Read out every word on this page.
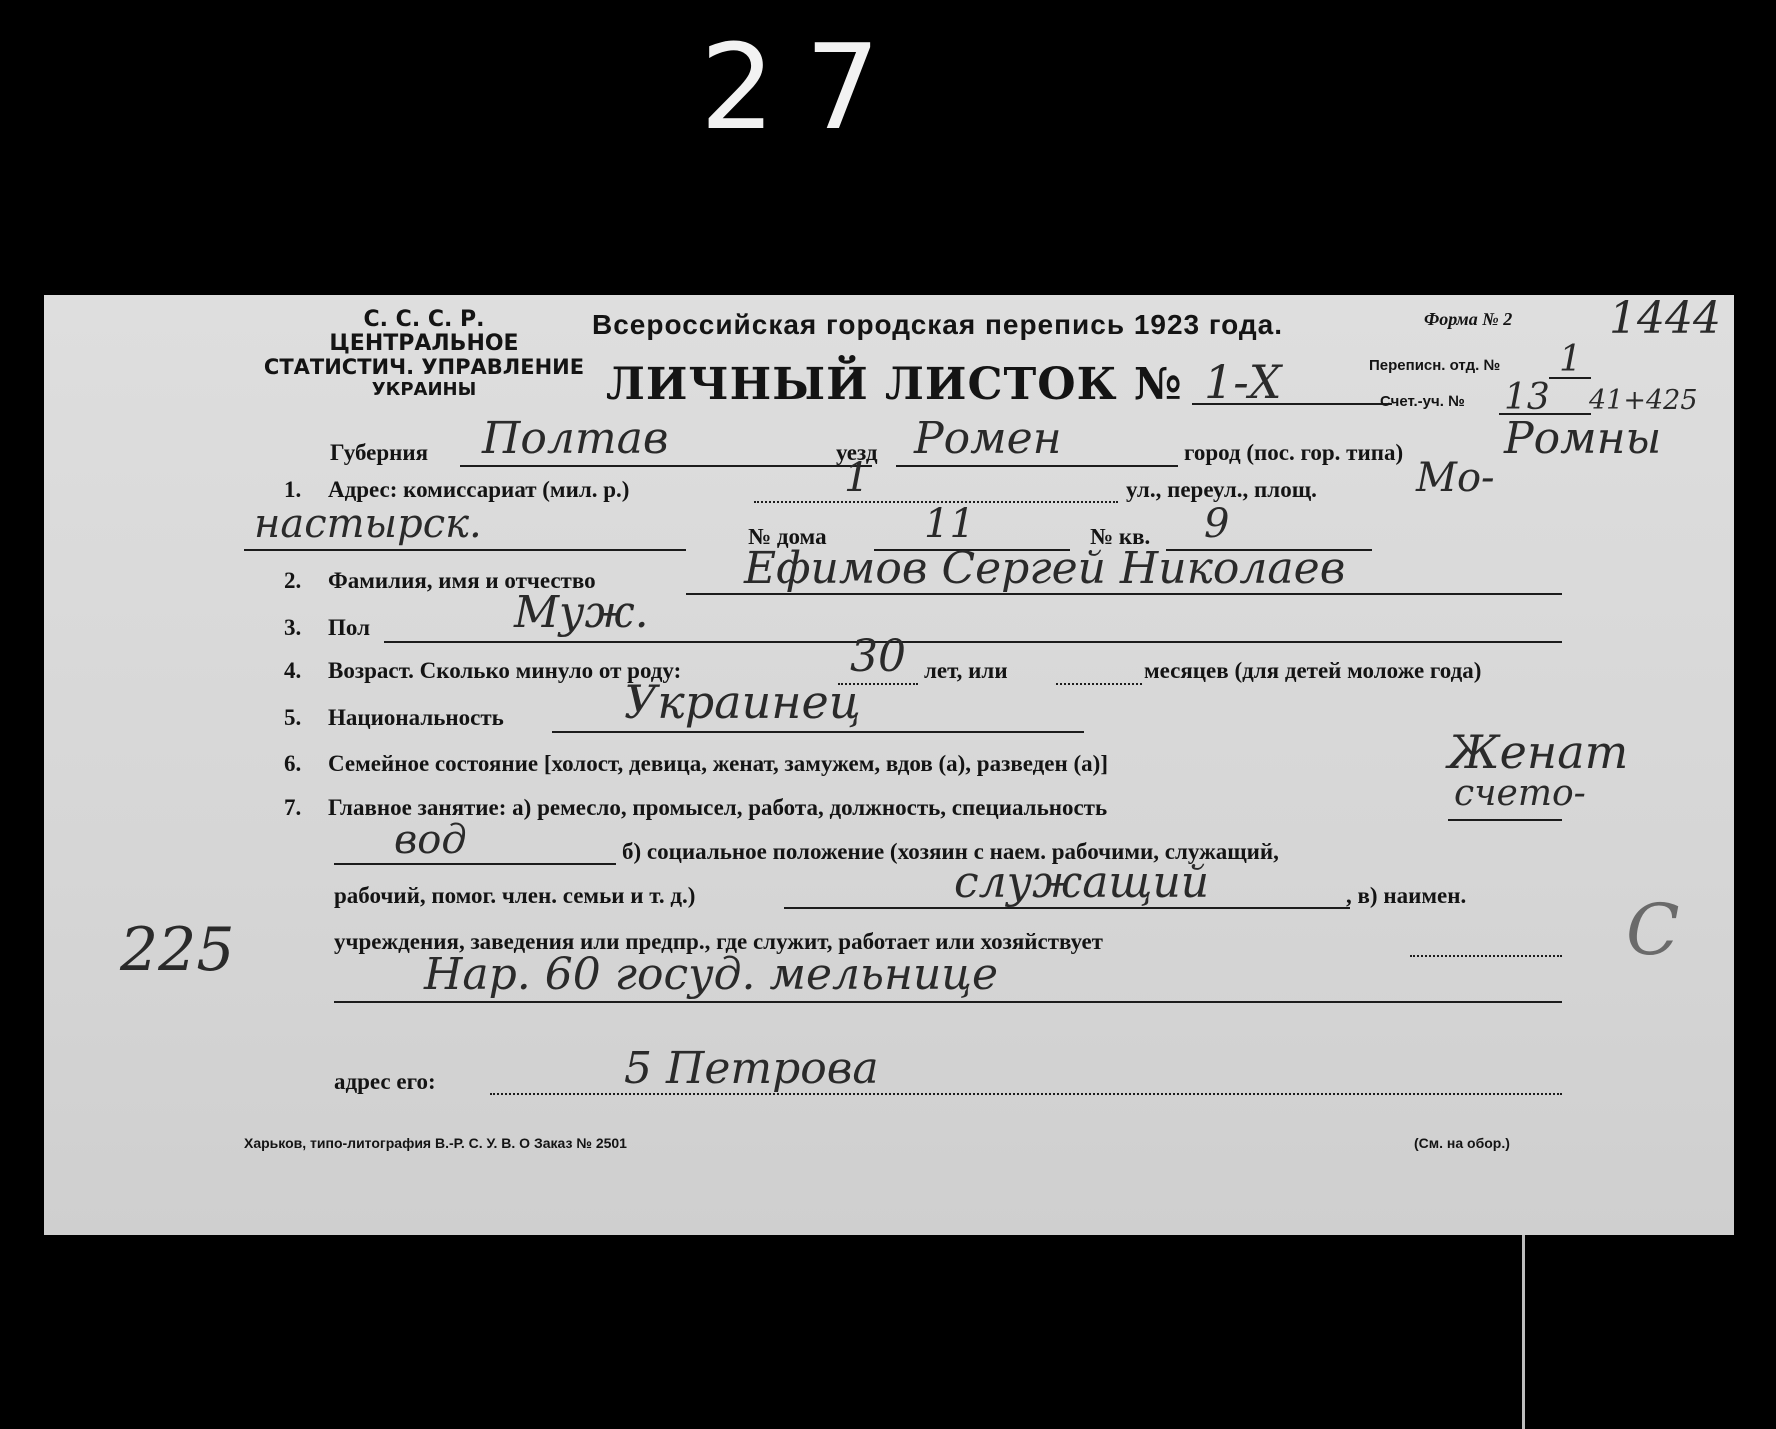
27
С. С. С. Р.
ЦЕНТРАЛЬНОЕ
СТАТИСТИЧ. УПРАВЛЕНИЕ
УКРАИНЫ
Всероссийская городская перепись 1923 года.	Форма № 2 1444
ЛИЧНЫЙ ЛИСТОК № 1-Х	Переписн. отд. № 1
Счет.-уч. № 13 41+425
Губерния Полтав	уезд Ромен	город (пос. гор. типа) Ромны
1. Адрес: комиссариат (мил. р.)	1	ул., переул., площ. Мо-
настырск.	№ дома 11	№ кв. 9
2. Фамилия, имя и отчество	Ефимов Сергей Николаев
3. Пол	Муж.
4. Возраст. Сколько минуло от роду:	30 лет, или	месяцев (для детей моложе года)
5. Национальность	Украинец
6. Семейное состояние [холост, девица, женат, замужем, вдов (а), разведен (а)]	Женат
7. Главное занятие: а) ремесло, промысел, работа, должность, специальность	счето-
вод	б) социальное положение (хозяин с наем. рабочими, служащий,
225	С
рабочий, помог. член. семьи и т. д.)	служащий	, в) наимен.
учреждения, заведения или предпр., где служит, работает или хозяйствует
Нар. 60 госуд. мельнице
адрес его:	5 Петрова
Харьков, типо-литография В.-Р. С. У. В. О Заказ № 2501	(См. на обор.)
